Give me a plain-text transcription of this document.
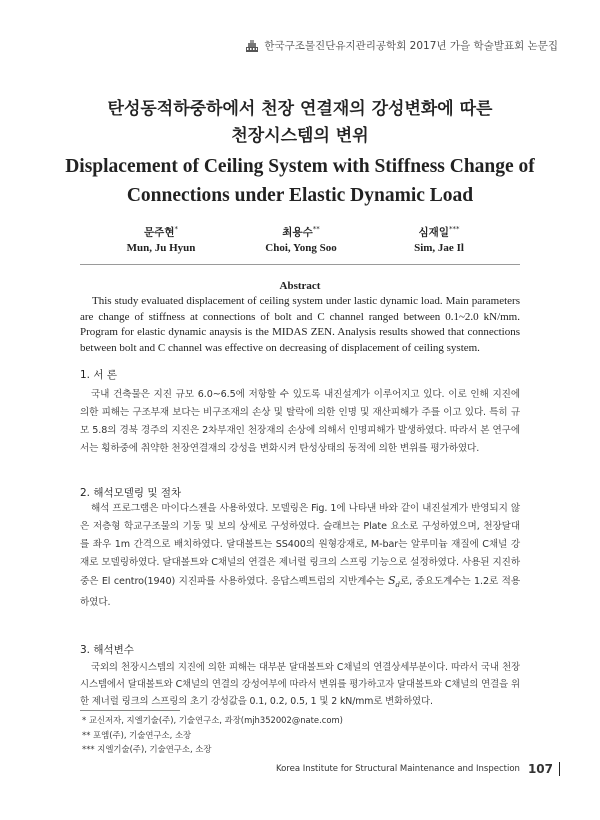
한국구조물진단유지관리공학회 2017년 가을 학술발표회 논문집
탄성동적하중하에서 천장 연결재의 강성변화에 따른
천장시스템의 변위
Displacement of Ceiling System with Stiffness Change of
Connections under Elastic Dynamic Load
문주현*
Mun, Ju Hyun
최용수**
Choi, Yong Soo
심재일***
Sim, Jae Il
Abstract

This study evaluated displacement of ceiling system under lastic dynamic load. Main parameters are change of stiffness at connections of bolt and C channel ranged between 0.1~2.0 kN/mm. Program for elastic dynamic anaysis is the MIDAS ZEN. Analysis results showed that connections between bolt and C channel was effective on decreasing of displacement of ceiling system.

1. 서 론

국내 건축물은 지진 규모 6.0~6.5에 저항할 수 있도록 내진설계가 이루어지고 있다. 이로 인해 지진에 의한 피해는 구조부재 보다는 비구조재의 손상 및 탈락에 의한 인명 및 재산피해가 주를 이고 있다. 특히 규모 5.8의 경북 경주의 지진은 2차부재인 천장재의 손상에 의해서 인명피해가 발생하였다. 따라서 본 연구에서는 횡하중에 취약한 천장연결재의 강성을 변화시켜 탄성상태의 동적에 의한 변위를 평가하였다.

2. 해석모델링 및 절차

해석 프로그램은 마이다스젠을 사용하였다. 모델링은 Fig. 1에 나타낸 바와 같이 내진설계가 반영되지 않은 저층형 학교구조물의 기둥 및 보의 상세로 구성하였다. 슬래브는 Plate 요소로 구성하였으며, 천장달대를 좌우 1m 간격으로 배치하였다. 달대볼트는 SS400의 원형강재로, M-bar는 알루미늄 재질에 C채널 강재로 모델링하였다. 달대볼트와 C채널의 연결은 제너럴 링크의 스프링 기능으로 설정하였다. 사용된 지진하중은 El centro(1940) 지진파를 사용하였다. 응답스펙트럼의 지반계수는 $S_d$로, 중요도계수는 1.2로 적용하였다.

3. 해석변수

국외의 천장시스템의 지진에 의한 피해는 대부분 달대볼트와 C채널의 연결상세부분이다. 따라서 국내 천장시스템에서 달대볼트와 C채널의 연결의 강성여부에 따라서 변위를 평가하고자 달대볼트와 C채널의 연결을 위한 제너럴 링크의 스프링의 초기 강성값을 0.1, 0.2, 0.5, 1 및 2 kN/mm로 변화하였다.

* 교신저자, 지엘기술(주), 기술연구소, 과장(mjh352002@nate.com)
** 포엠(주), 기술연구소, 소장
*** 지엘기술(주), 기술연구소, 소장
Korea Institute for Structural Maintenance and Inspection 107
